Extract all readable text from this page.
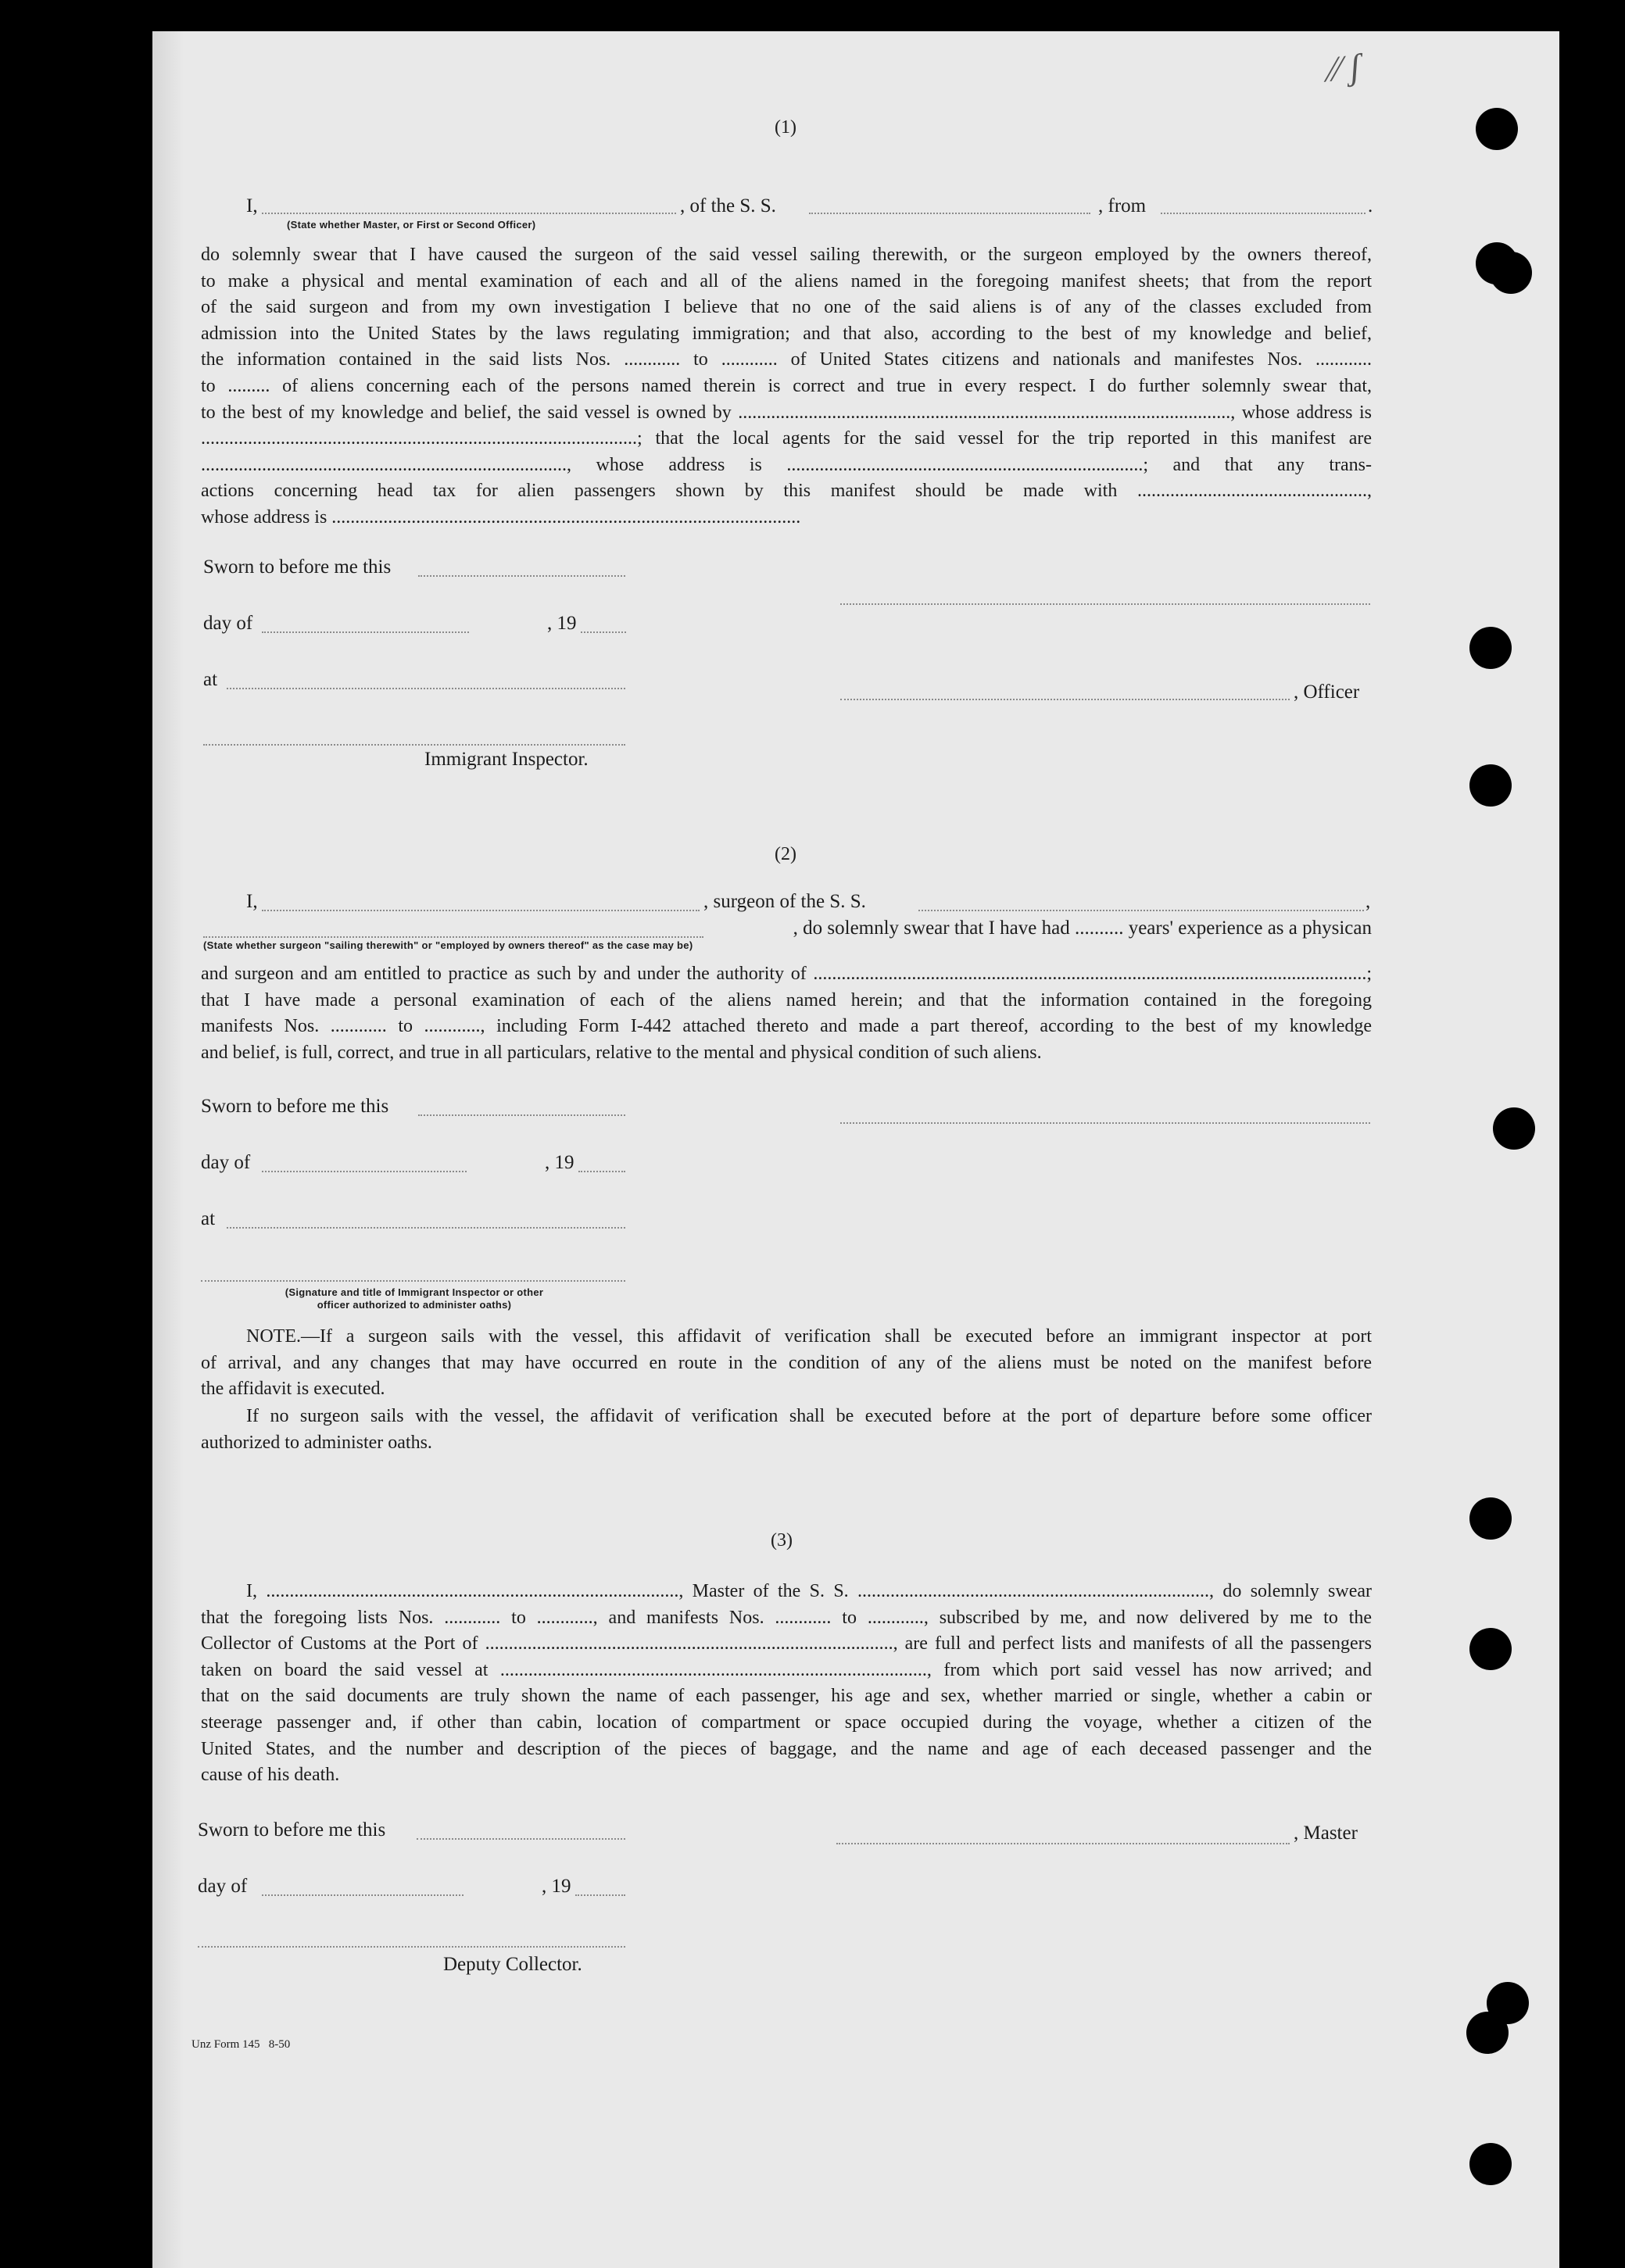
(1)
I,	, of the S. S.	, from	.
(State whether Master, or First or Second Officer)
do solemnly swear that I have caused the surgeon of the said vessel sailing therewith, or the surgeon employed by the owners thereof,
to make a physical and mental examination of each and all of the aliens named in the foregoing manifest sheets; that from the report
of the said surgeon and from my own investigation I believe that no one of the said aliens is of any of the classes excluded from
admission into the United States by the laws regulating immigration; and that also, according to the best of my knowledge and belief,
the information contained in the said lists Nos. ............ to ............ of United States citizens and nationals and manifestes Nos. ............
to ......... of aliens concerning each of the persons named therein is correct and true in every respect. I do further solemnly swear that,
to the best of my knowledge and belief, the said vessel is owned by ........................................................................................................., whose address is
.............................................................................................; that the local agents for the said vessel for the trip reported in this manifest are
.............................................................................., whose address is ............................................................................; and that any trans-
actions concerning head tax for alien passengers shown by this manifest should be made with .................................................,
whose address is ....................................................................................................
Sworn to before me this
day of	, 19
at
, Officer
Immigrant Inspector.
(2)
I,	, surgeon of the S. S.	,
, do solemnly swear that I have had .......... years' experience as a physican
(State whether surgeon "sailing therewith" or "employed by owners thereof" as the case may be)
and surgeon and am entitled to practice as such by and under the authority of ......................................................................................................................;
that I have made a personal examination of each of the aliens named herein; and that the information contained in the foregoing
manifests Nos. ............ to ............, including Form I-442 attached thereto and made a part thereof, according to the best of my knowledge
and belief, is full, correct, and true in all particulars, relative to the mental and physical condition of such aliens.
Sworn to before me this
day of	, 19
at
(Signature and title of Immigrant Inspector or other
officer authorized to administer oaths)
NOTE.—If a surgeon sails with the vessel, this affidavit of verification shall be executed before an immigrant inspector at port
of arrival, and any changes that may have occurred en route in the condition of any of the aliens must be noted on the manifest before
the affidavit is executed.
If no surgeon sails with the vessel, the affidavit of verification shall be executed before at the port of departure before some officer
authorized to administer oaths.
(3)
I, ........................................................................................, Master of the S. S. ..........................................................................., do solemnly swear
that the foregoing lists Nos. ............ to ............, and manifests Nos. ............ to ............, subscribed by me, and now delivered by me to the
Collector of Customs at the Port of ......................................................................................., are full and perfect lists and manifests of all the passengers
taken on board the said vessel at ..........................................................................................., from which port said vessel has now arrived; and
that on the said documents are truly shown the name of each passenger, his age and sex, whether married or single, whether a cabin or
steerage passenger and, if other than cabin, location of compartment or space occupied during the voyage, whether a citizen of the
United States, and the number and description of the pieces of baggage, and the name and age of each deceased passenger and the
cause of his death.
Sworn to before me this	, Master
day of	, 19
Deputy Collector.
Unz Form 145   8-50
⁄⁄ ʃ
